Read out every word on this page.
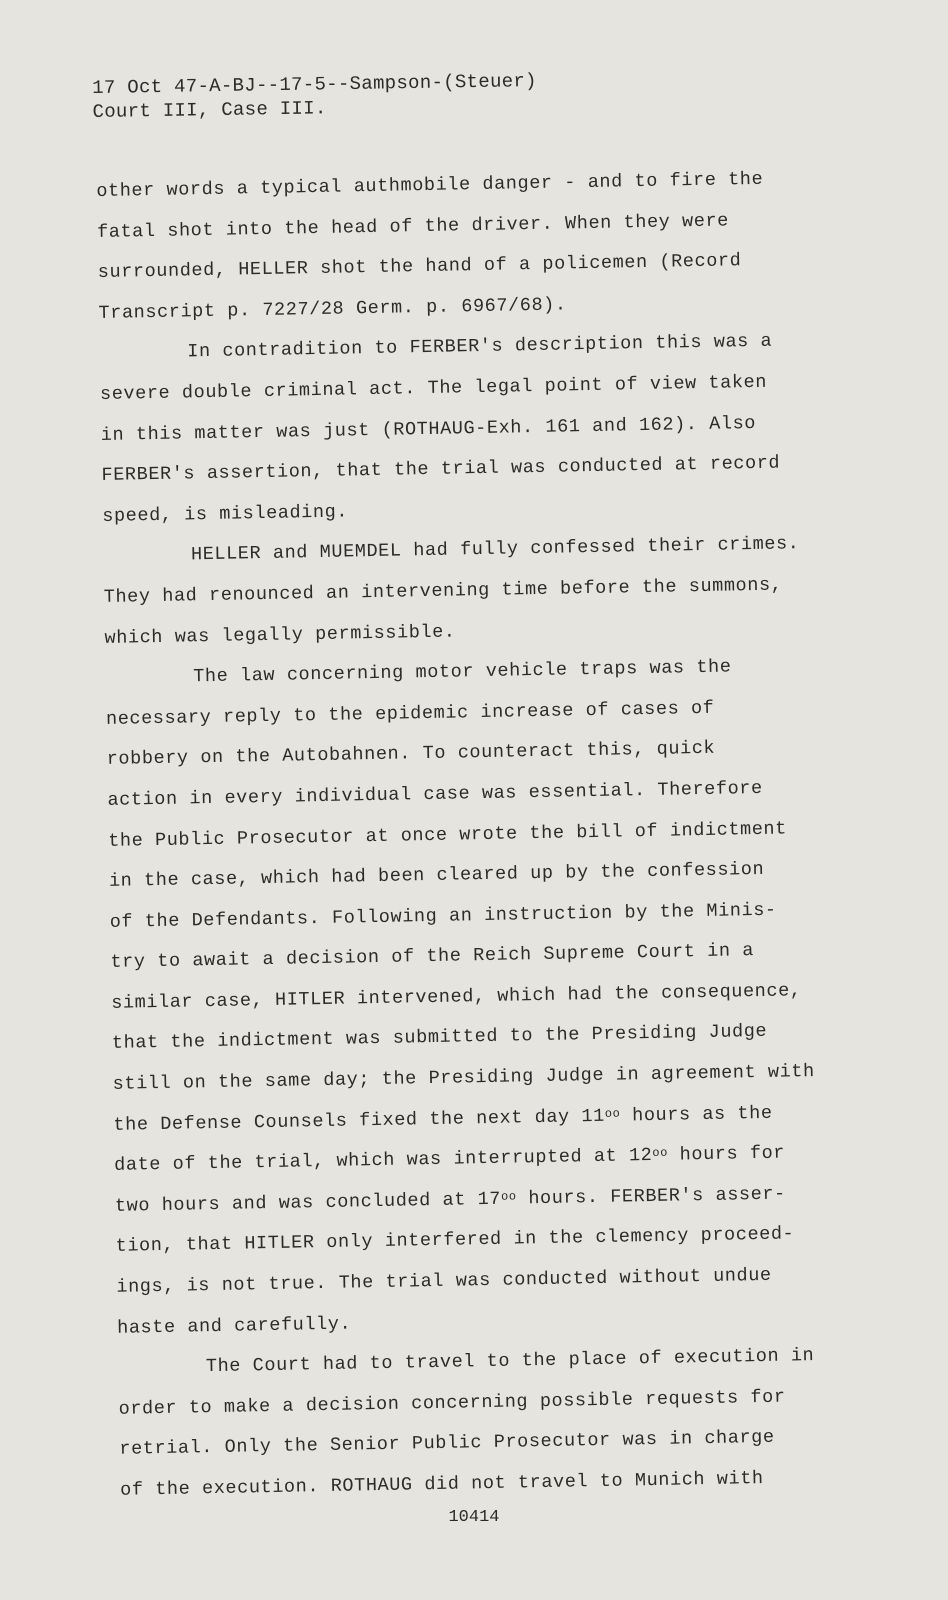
17 Oct 47-A-BJ--17-5--Sampson-(Steuer)
Court III, Case III.
other words a typical authmobile danger - and to fire the
fatal shot into the head of the driver. When they were
surrounded, HELLER shot the hand of a policemen (Record
Transcript p. 7227/28 Germ. p. 6967/68).
In contradition to FERBER's description this was a
severe double criminal act. The legal point of view taken
in this matter was just (ROTHAUG-Exh. 161 and 162). Also
FERBER's assertion, that the trial was conducted at record
speed, is misleading.
HELLER and MUEMDEL had fully confessed their crimes.
They had renounced an intervening time before the summons,
which was legally permissible.
The law concerning motor vehicle traps was the
necessary reply to the epidemic increase of cases of
robbery on the Autobahnen. To counteract this, quick
action in every individual case was essential. Therefore
the Public Prosecutor at once wrote the bill of indictment
in the case, which had been cleared up by the confession
of the Defendants. Following an instruction by the Minis-
try to await a decision of the Reich Supreme Court in a
similar case, HITLER intervened, which had the consequence,
that the indictment was submitted to the Presiding Judge
still on the same day; the Presiding Judge in agreement with
the Defense Counsels fixed the next day $11^{oo}$ hours as the
date of the trial, which was interrupted at $12^{oo}$ hours for
two hours and was concluded at $17^{oo}$ hours. FERBER's asser-
tion, that HITLER only interfered in the clemency proceed-
ings, is not true. The trial was conducted without undue
haste and carefully.
The Court had to travel to the place of execution in
order to make a decision concerning possible requests for
retrial. Only the Senior Public Prosecutor was in charge
of the execution. ROTHAUG did not travel to Munich with
10414
